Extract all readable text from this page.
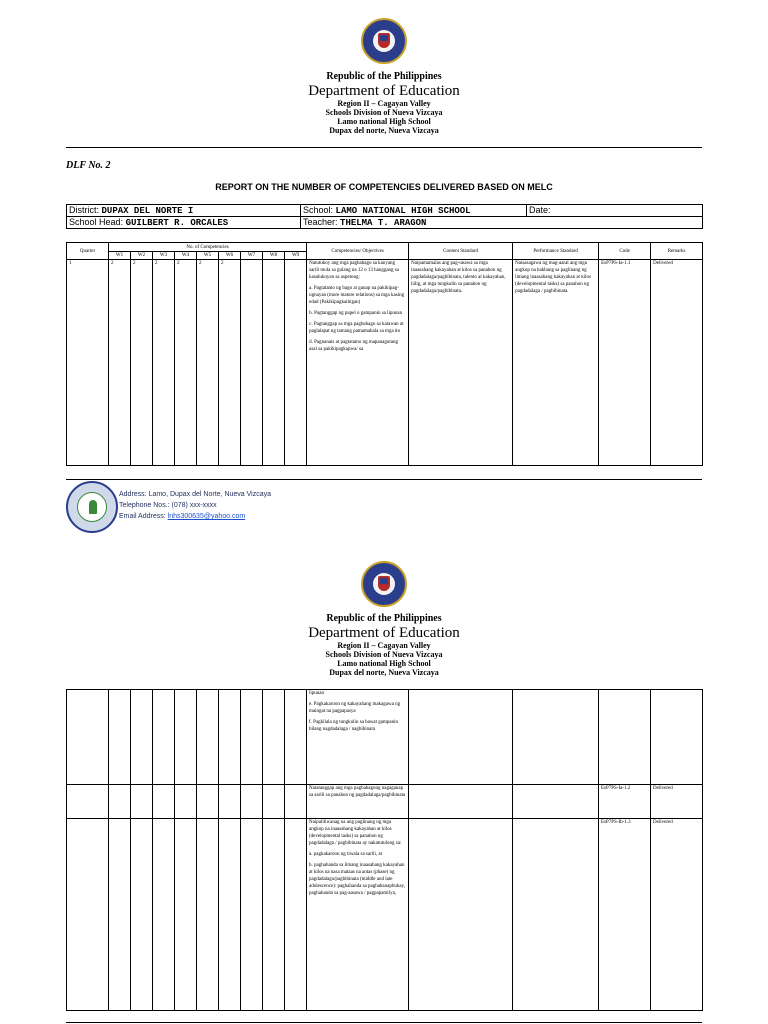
Republic of the Philippines
Department of Education
Region II – Cagayan Valley
Schools Division of Nueva Vizcaya
Lamo national High School
Dupax del norte, Nueva Vizcaya
DLF No. 2
REPORT ON THE NUMBER OF COMPETENCIES DELIVERED BASED ON MELC
District: DUPAX DEL NORTE I	School: LAMO NATIONAL HIGH SCHOOL	Date:
School Head: GUILBERT R. ORCALES	Teacher: THELMA T. ARAGON	
Quarter	No. of Competencies									Competencies/ Objectives	Content Standard	Performance Standard	Code	Remarks
	W1	W2	W3	W4	W5	W6	W7	W8	W9					
1	2	2	2	2	2	2				Natutukoy ang mga pagbabago sa kanyang sarili mula sa gulang na 12 o 13 hanggang sa kasalukuyan sa aspetong:

a. Pagtatamo ng bago at ganap na pakikipag-ugnayan (more mature relations) sa mga kasing edad (Pakikipagkaibigan)

b. Pagtanggap ng papel o gampanin sa lipunan

c. Pagtanggap sa mga pagbabago sa katawan at paglalapat ng tamang pamamahala sa mga ito

d. Pagnanais at pagtatamo ng mapanagutang asal sa pakikipagkapwa/ sa	Naipamamalas ang pag-unawa sa mga inaasahang kakayahan at kilos sa panahon ng pagdadalaga/pagbibinata, talento at kakayahan, hilig, at mga tungkulin sa panahon ng pagdadalaga/pagbibinata.	Naisasagawa ng mag-aaral ang mga angkop na hakbang sa paglinang ng limang inaasahang kakayahan at kilos (developmental tasks) sa panahon ng pagdadalaga / pagbibinata.	EsP7PS-Ia-1.1	Delivered
Address: Lamo, Dupax del Norte, Nueva Vizcaya
Telephone Nos.: (078) xxx-xxxx
Email Address: lnhs300635@yahoo.com
Republic of the Philippines
Department of Education
Region II – Cagayan Valley
Schools Division of Nueva Vizcaya
Lamo national High School
Dupax del norte, Nueva Vizcaya

										lipunan

e. Pagkakaroon ng kakayahang makagawa ng maingat na pagpapasya

f. Pagkilala ng tungkulin sa bawat gampanin bilang nagdadalaga / nagbibinata				

										Natatanggap ang mga pagbabagong nagaganap sa sarili sa panahon ng pagdadalaga/pagbibinata			EsP7PS-Ia-1.2	Delivered

										Naipaliliwanag na ang paglinang ng mga angkop na inaasahang kakayahan at kilos (developmental tasks) sa panahon ng pagdadalaga / pagbibinata ay nakatutulong sa:

a. pagkakaroon ng tiwala sa sarili, at

b. paghahanda sa limang inaasahang kakayahan at kilos na nasa mataas na antas (phase) ng pagdadalaga/pagbibinata (middle and late adolescence): paghahanda sa paghahanapbuhay, paghahanda sa pag-aasawa / pagpapamilya,			EsP7PS-Ib-1.3	Delivered
